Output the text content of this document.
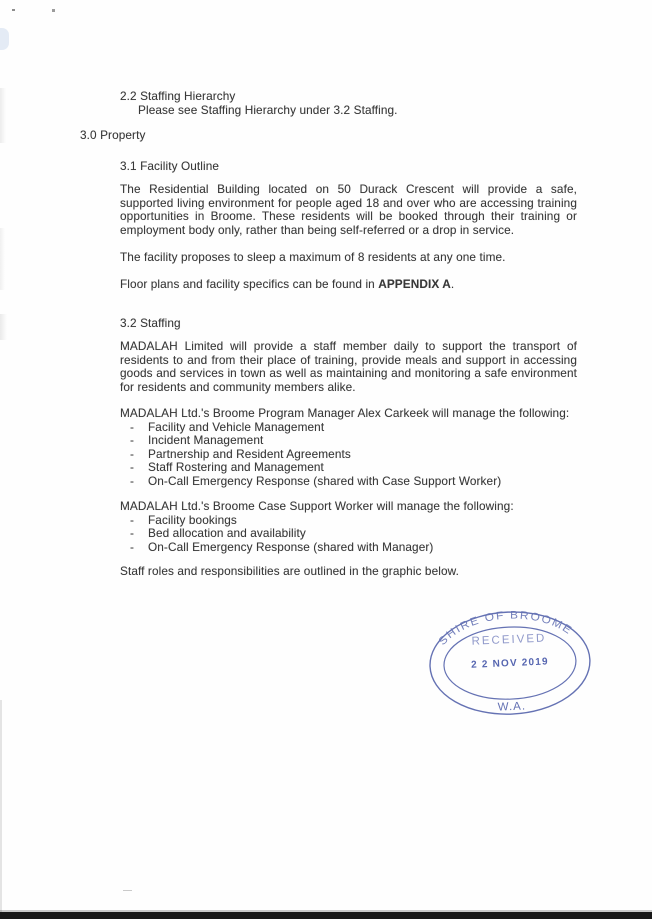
2.2 Staffing Hierarchy
Please see Staffing Hierarchy under 3.2 Staffing.
3.0 Property
3.1 Facility Outline
The Residential Building located on 50 Durack Crescent will provide a safe, supported living environment for people aged 18 and over who are accessing training opportunities in Broome. These residents will be booked through their training or employment body only, rather than being self-referred or a drop in service.
The facility proposes to sleep a maximum of 8 residents at any one time.
Floor plans and facility specifics can be found in APPENDIX A.
3.2 Staffing
MADALAH Limited will provide a staff member daily to support the transport of residents to and from their place of training, provide meals and support in accessing goods and services in town as well as maintaining and monitoring a safe environment for residents and community members alike.
MADALAH Ltd.'s Broome Program Manager Alex Carkeek will manage the following:
-	Facility and Vehicle Management
-	Incident Management
-	Partnership and Resident Agreements
-	Staff Rostering and Management
-	On-Call Emergency Response (shared with Case Support Worker)
MADALAH Ltd.'s Broome Case Support Worker will manage the following:
-	Facility bookings
-	Bed allocation and availability
-	On-Call Emergency Response (shared with Manager)
Staff roles and responsibilities are outlined in the graphic below.
SHIRE OF BROOME
RECEIVED
2 2 NOV 2019
W.A.
